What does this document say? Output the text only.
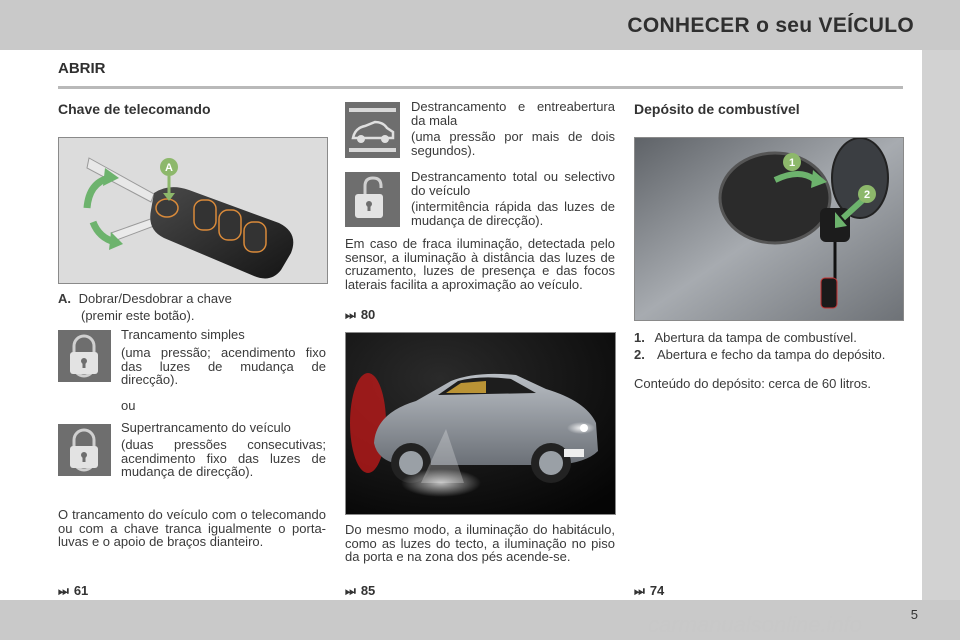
CONHECER o seu VEÍCULO
ABRIR
Chave de telecomando
A
A. Dobrar/Desdobrar a chave
(premir este botão).
Trancamento simples
(uma pressão; acendimento fixo das luzes de mudança de direcção).
ou
Supertrancamento do veículo
(duas pressões consecutivas; acendimento fixo das luzes de mudança de direcção).
O trancamento do veículo com o telecomando ou com a chave tranca igualmente o porta-luvas e o apoio de braços dianteiro.
⏭ 61
Destrancamento e entreabertura da mala
(uma pressão por mais de dois segundos).
Destrancamento total ou selectivo do veículo
(intermitência rápida das luzes de mudança de direcção).
Em caso de fraca iluminação, detectada pelo sensor, a iluminação à distância das luzes de cruzamento, luzes de presença e das focos laterais facilita a aproximação ao veículo.
⏭ 80
Do mesmo modo, a iluminação do habitáculo, como as luzes do tecto, a iluminação no piso da porta e na zona dos pés acende-se.
⏭ 85
Depósito de combustível
1
2
1. Abertura da tampa de combustível.
2. Abertura e fecho da tampa do depósito.
Conteúdo do depósito: cerca de 60 litros.
⏭ 74
5
carmanualsonline.info
